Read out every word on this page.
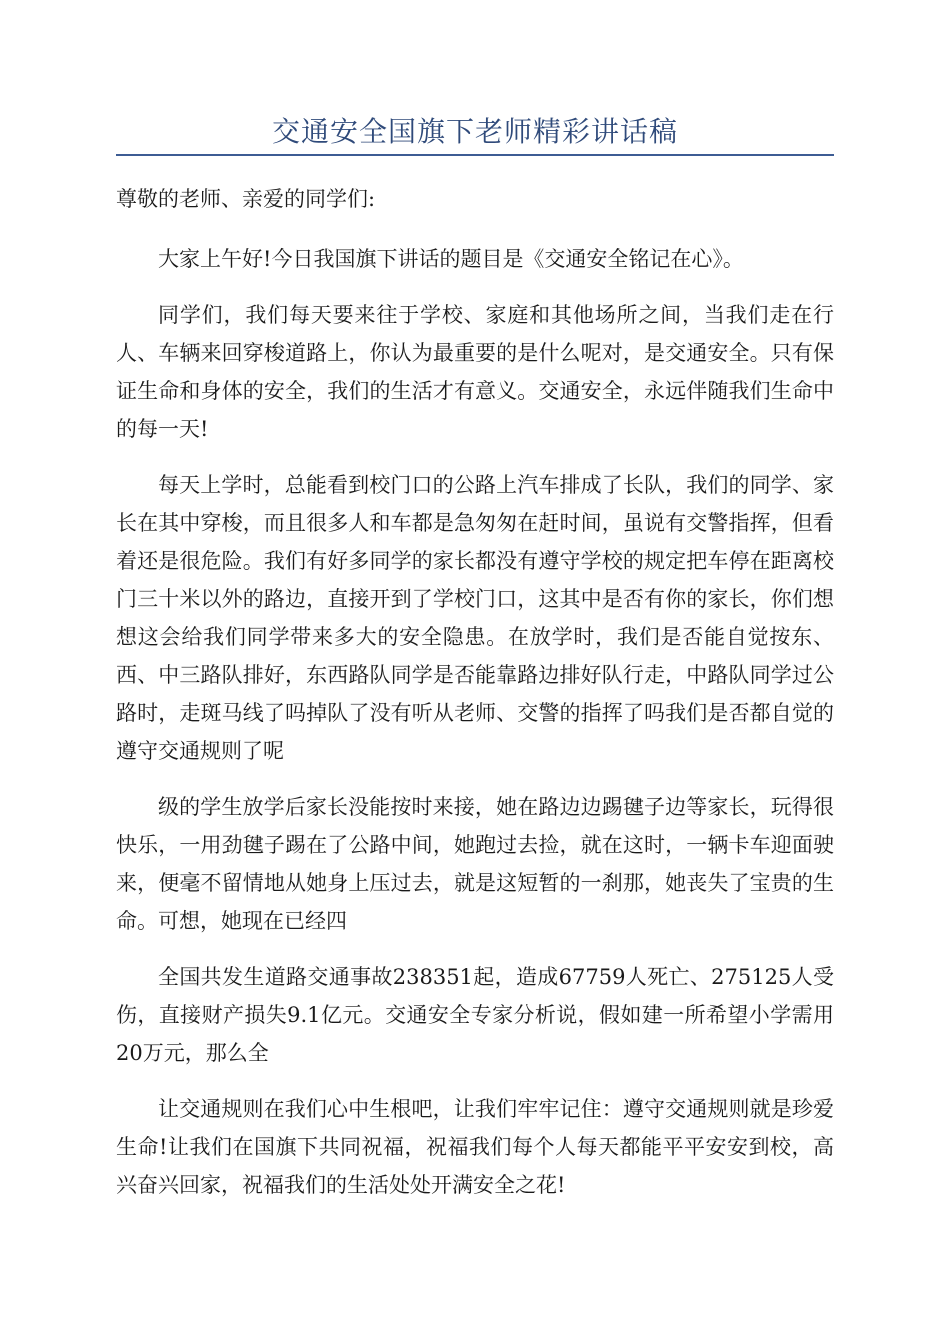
交通安全国旗下老师精彩讲话稿
尊敬的老师、亲爱的同学们:

大家上午好!今日我国旗下讲话的题目是《交通安全铭记在心》。

同学们，我们每天要来往于学校、家庭和其他场所之间，当我们走在行人、车辆来回穿梭道路上，你认为最重要的是什么呢对，是交通安全。只有保证生命和身体的安全，我们的生活才有意义。交通安全，永远伴随我们生命中的每一天!

每天上学时，总能看到校门口的公路上汽车排成了长队，我们的同学、家长在其中穿梭，而且很多人和车都是急匆匆在赶时间，虽说有交警指挥，但看着还是很危险。我们有好多同学的家长都没有遵守学校的规定把车停在距离校门三十米以外的路边，直接开到了学校门口，这其中是否有你的家长，你们想想这会给我们同学带来多大的安全隐患。在放学时，我们是否能自觉按东、西、中三路队排好，东西路队同学是否能靠路边排好队行走，中路队同学过公路时，走斑马线了吗掉队了没有听从老师、交警的指挥了吗我们是否都自觉的遵守交通规则了呢

级的学生放学后家长没能按时来接，她在路边边踢毽子边等家长，玩得很快乐，一用劲毽子踢在了公路中间，她跑过去捡，就在这时，一辆卡车迎面驶来，便毫不留情地从她身上压过去，就是这短暂的一刹那，她丧失了宝贵的生命。可想，她现在已经四

全国共发生道路交通事故238351起，造成67759人死亡、275125人受伤，直接财产损失9.1亿元。交通安全专家分析说，假如建一所希望小学需用20万元，那么全

让交通规则在我们心中生根吧，让我们牢牢记住：遵守交通规则就是珍爱生命!让我们在国旗下共同祝福，祝福我们每个人每天都能平平安安到校，高兴奋兴回家，祝福我们的生活处处开满安全之花!
